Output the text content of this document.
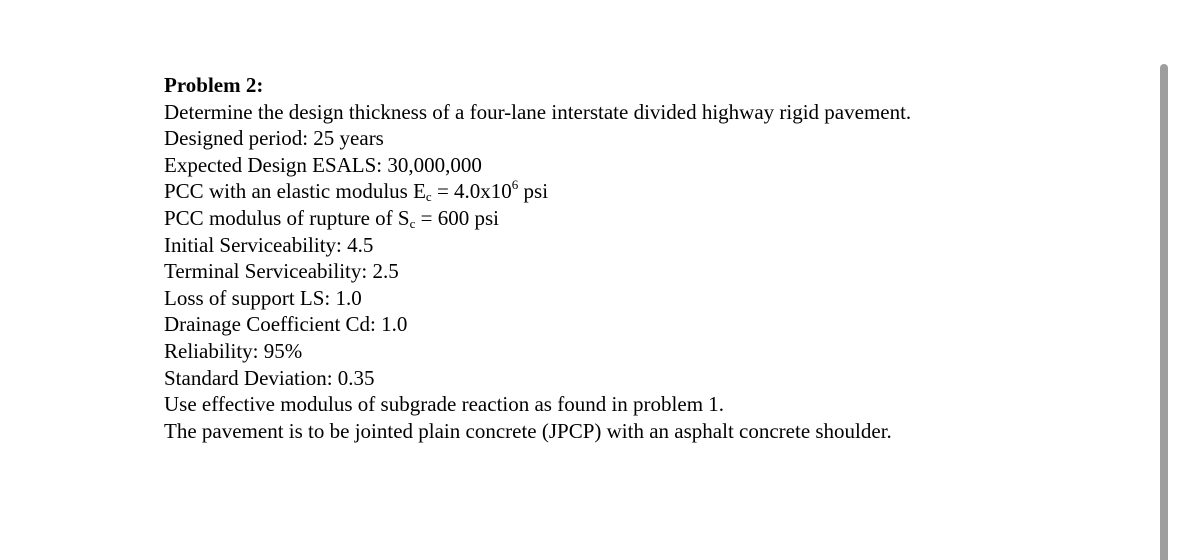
Problem 2:

Determine the design thickness of a four-lane interstate divided highway rigid pavement.

Designed period: 25 years

Expected Design ESALS: 30,000,000

PCC with an elastic modulus $E_c = 4.0x10^6$ psi

PCC modulus of rupture of $S_c = 600$ psi

Initial Serviceability: 4.5

Terminal Serviceability: 2.5

Loss of support LS: 1.0

Drainage Coefficient Cd: 1.0

Reliability: 95%

Standard Deviation: 0.35

Use effective modulus of subgrade reaction as found in problem 1.

The pavement is to be jointed plain concrete (JPCP) with an asphalt concrete shoulder.
